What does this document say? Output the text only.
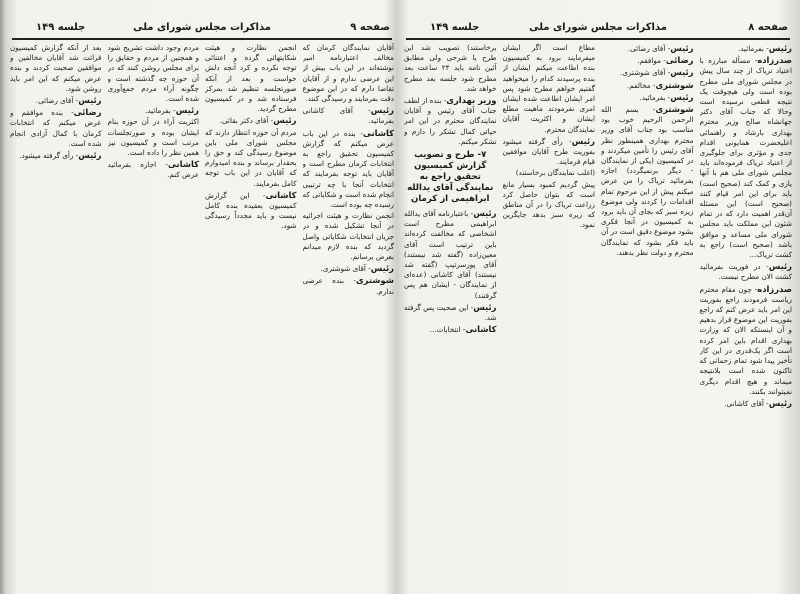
صفحه ۹
مذاکرات مجلس شورای ملی
جلسه ۱۴۹

آقایان نمایندگان کرمان که مخالف اعتبارنامه امیر نوشته‌اند در این باب بیش از این عرضی ندارم و از آقایان تقاضا دارم که در این موضوع دقت بفرمایند و رسیدگی کنند.

رئیس- آقای کاشانی بفرمائید.

کاشانی- بنده در این باب عرض میکنم که گزارش کمیسیون تحقیق راجع به انتخابات کرمان مطرح است و آقایان باید توجه بفرمایند که انتخابات آنجا با چه ترتیبی انجام شده است و شکایاتی که رسیده چه بوده است.

انجمن نظارت و هیئت اجرائیه در آنجا تشکیل شده و در جریان انتخابات شکایاتی واصل گردید که بنده لازم میدانم بعرض برسانم.

رئیس- آقای شوشتری.

شوشتری- بنده عرضی ندارم.

انجمن نظارت و هیئت شکایتهائی گرده و اعتنائی توجه نکرده و کرد آنچه دلش خواست و بعد از آنکه صورتجلسه تنظیم شد بمرکز فرستاده شد و در کمیسیون مطرح گردید.

رئیس- آقای دکتر بقائی.

مردم آن حوزه انتظار دارند که مجلس شورای ملی باین موضوع رسیدگی کند و حق را بحقدار برساند و بنده امیدوارم که آقایان در این باب توجه کامل بفرمایند.

کاشانی- این گزارش کمیسیون بعقیده بنده کامل نیست و باید مجدداً رسیدگی شود.

مردم وجود داشت تشریح شود و همچنین از مردم و حقایق را برای مجلس روشن کنند که در آن حوزه چه گذشته است و چگونه آراء مردم جمع‌آوری شده است.

رئیس- بفرمائید.

اکثریت آراء در آن حوزه بنام ایشان بوده و صورتجلسات مرتب است و کمیسیون نیز همین نظر را داده است.

کاشانی- اجازه بفرمائید عرض کنم.

بعد از آنکه گزارش کمیسیون قرائت شد آقایان مخالفین و موافقین صحبت کردند و بنده عرض میکنم که این امر باید روشن شود.

رئیس- آقای رضائی.

رضائی- بنده موافقم و عرض میکنم که انتخابات کرمان با کمال آزادی انجام شده است.

رئیس- رأی گرفته میشود.

صفحه ۸
مذاکرات مجلس شورای ملی
جلسه ۱۴۹

رئیس- بفرمائید.

صدرزاده- مسأله مبارزه با اعتیاد تریاک از چند سال پیش در مجلس شورای ملی مطرح بوده است ولی هیچوقت یک نتیجه قطعی نرسیده است وحالا که جناب آقای دکتر جهانشاه صالح وزیر محترم بهداری بارشاد و راهنمائی اعلیحضرت همایونی اقدام جدی و مؤثری برای جلوگیری از اعتیاد تریاک فرموده‌اند باید مجلس شورای ملی هم با آنها یاری و کمک کند (صحیح است) باید برای این امر قیام کنند (صحیح است) این مسئله آن‌قدر اهمیت دارد که در تمام شئون این مملکت باید مجلس شورای ملی مساعد و موافق باشد (صحیح است) راجع به کشت تریاک...

رئیس- در فوریت بفرمائید کشت الان مطرح نیست.

صدرزاده- چون مقام محترم ریاست فرمودند راجع بفوریت این امر باید عرض کنم که راجع بفوریت این موضوع قرار بدهیم و آن اینستکه الان که وزارت بهداری اقدام باین امر کرده است اگر یک‌قدری در این کار تأخیر پیدا شود تمام زحماتی که تاکنون شده است بلانتیجه میماند و هیچ اقدام دیگری نمیتوانند بکنند.

رئیس- آقای کاشانی.

رئیس- آقای رضائی.

رضائی- موافقم.

رئیس- آقای شوشتری.

شوشتری- مخالفم.

رئیس- بفرمائید.

شوشتری- بسم الله الرحمن الرحیم خوب بود مناسب بود جناب آقای وزیر محترم بهداری همینطور نظر آقای رئیس را تأمین میکردند و در کمیسیون (یکی از نمایندگان - دیگر برنمیگردد) اجازه بفرمائید تریاک را من عرض میکنم پیش از این مرحوم تمام اقدامات را کردند ولی موضوع زیره سبز که بجای آن باید برود به کمیسیون در آنجا فکری بشود موضوع دقیق است در آن باید فکر بشود که نمایندگان محترم و دولت نظر بدهند.

مطاع است اگر ایشان میفرمایند برود به کمیسیون بنده اطاعت میکنم ایشان از بنده پرسیدند کدام را میخواهید گفتیم خواهم مطرح شود پس امر ایشان اطاعت شده ایشان امری نفرمودند ماهیت مطلع ایشان و اکثریت آقایان نمایندگان محترم.

رئیس- رأی گرفته میشود بفوریت طرح آقایان موافقین قیام فرمایند.

(اغلب نمایندگان برخاستند)

پیش گردیم کمبود بسیار مانع است که بتوان حاصل کرد زراعت تریاک را در آن مناطق که زیره سبز بدهد جایگزین نمود.

برخاستند) تصویب شد این طرح با شرحی ولی مطابق آئین نامه باید ۲۴ ساعت بعد مطرح شود جلسه بعد مطرح خواهد شد.

وزیر بهداری- بنده از لطف جناب آقای رئیس و آقایان نمایندگان محترم در این امر حیاتی کمال تشکر را دارم و تشکر میکنم.

۷- طرح و تصویب گزارش کمیسیون تحقیق راجع به نمایندگی آقای یدالله ابراهیمی از کرمان

رئیس- باعتبارنامه آقای یدالله ابراهیمی مطرح است اشخاصی که مخالفت کرده‌اند باین ترتیب است آقای معین‌زاده (گفته شد نیستند) آقای پورسرتیپ (گفته شد نیستند) آقای کاشانی (عده‌ای از نمایندگان - ایشان هم پس گرفتند)

رئیس- این صحبت پس گرفته شد.

کاشانی- انتخابات...
